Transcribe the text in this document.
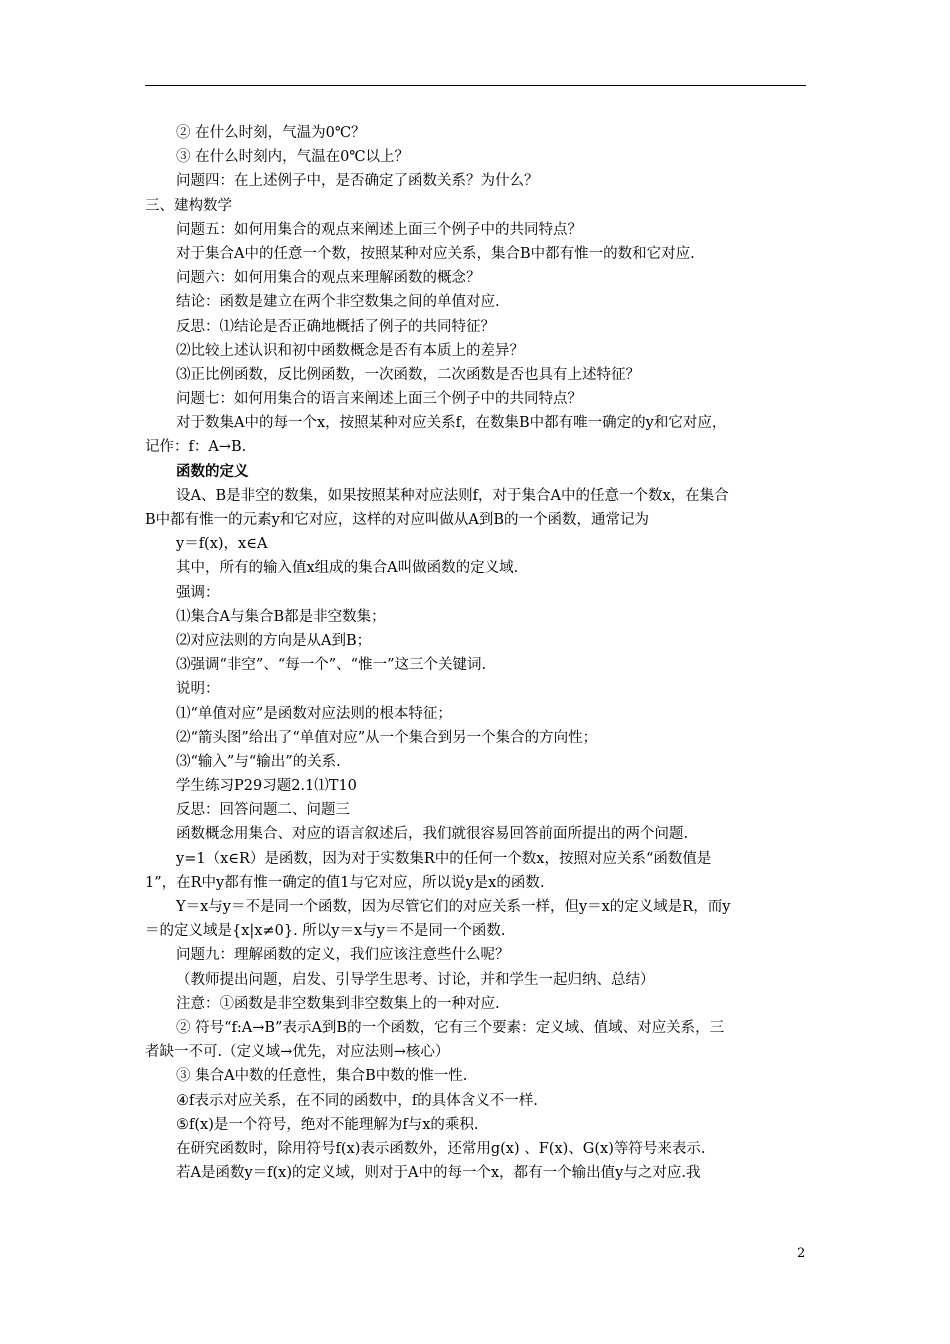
② 在什么时刻，气温为0℃？
③ 在什么时刻内，气温在0℃以上？
问题四：在上述例子中，是否确定了函数关系？为什么？
三、建构数学
问题五：如何用集合的观点来阐述上面三个例子中的共同特点？
对于集合A中的任意一个数，按照某种对应关系，集合B中都有惟一的数和它对应.
问题六：如何用集合的观点来理解函数的概念？
结论：函数是建立在两个非空数集之间的单值对应.
反思：⑴结论是否正确地概括了例子的共同特征？
⑵比较上述认识和初中函数概念是否有本质上的差异？
⑶正比例函数，反比例函数，一次函数，二次函数是否也具有上述特征？
问题七：如何用集合的语言来阐述上面三个例子中的共同特点？
对于数集A中的每一个x，按照某种对应关系f，在数集B中都有唯一确定的y和它对应，
记作：f：A→B.
函数的定义
设A、B是非空的数集，如果按照某种对应法则f，对于集合A中的任意一个数x，在集合
B中都有惟一的元素y和它对应，这样的对应叫做从A到B的一个函数，通常记为
y＝f(x)，x∈A
其中，所有的输入值x组成的集合A叫做函数的定义域.
强调：
⑴集合A与集合B都是非空数集；
⑵对应法则的方向是从A到B；
⑶强调“非空”、“每一个”、“惟一”这三个关键词.
说明：
⑴“单值对应”是函数对应法则的根本特征；
⑵“箭头图”给出了“单值对应”从一个集合到另一个集合的方向性；
⑶“输入”与“输出”的关系.
学生练习P29习题2.1⑴T10
反思：回答问题二、问题三
函数概念用集合、对应的语言叙述后，我们就很容易回答前面所提出的两个问题.
y=1（x∈R）是函数，因为对于实数集R中的任何一个数x，按照对应关系“函数值是
1”，在R中y都有惟一确定的值1与它对应，所以说y是x的函数.
Y＝x与y＝不是同一个函数，因为尽管它们的对应关系一样，但y＝x的定义域是R，而y
＝的定义域是{x|x≠0}. 所以y＝x与y＝不是同一个函数.
问题九：理解函数的定义，我们应该注意些什么呢？
（教师提出问题，启发、引导学生思考、讨论，并和学生一起归纳、总结）
注意：①函数是非空数集到非空数集上的一种对应.
② 符号“f:A→B”表示A到B的一个函数，它有三个要素：定义域、值域、对应关系，三
者缺一不可.（定义域→优先，对应法则→核心）
③ 集合A中数的任意性，集合B中数的惟一性.
④f表示对应关系，在不同的函数中，f的具体含义不一样.
⑤f(x)是一个符号，绝对不能理解为f与x的乘积.
在研究函数时，除用符号f(x)表示函数外，还常用g(x) 、F(x)、G(x)等符号来表示.
若A是函数y＝f(x)的定义域，则对于A中的每一个x，都有一个输出值y与之对应.我
2
